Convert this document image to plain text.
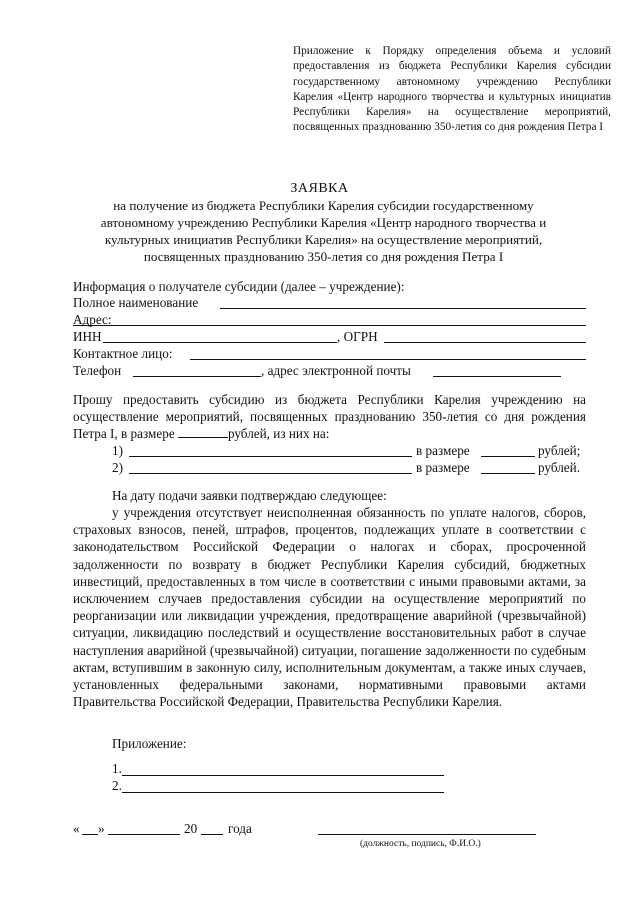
Приложение к Порядку определения объема и условий предоставления из бюджета Республики Карелия субсидии государственному автономному учреждению Республики Карелия «Центр народного творчества и культурных инициатив Республики Карелия» на осуществление мероприятий, посвященных празднованию 350-летия со дня рождения Петра I
ЗАЯВКА
на получение из бюджета Республики Карелия субсидии государственному автономному учреждению Республики Карелия «Центр народного творчества и культурных инициатив Республики Карелия» на осуществление мероприятий, посвященных празднованию 350-летия со дня рождения Петра I
Информация о получателе субсидии (далее – учреждение):
Полное наименование
Адрес:
ИНН	, ОГРН
Контактное лицо:
Телефон	, адрес электронной почты
Прошу предоставить субсидию из бюджета Республики Карелия учреждению на осуществление мероприятий, посвященных празднованию 350-летия со дня рождения Петра I, в размере	рублей, из них на:
1)	в размере	рублей;
2)	в размере	рублей.
На дату подачи заявки подтверждаю следующее:
у учреждения отсутствует неисполненная обязанность по уплате налогов, сборов, страховых взносов, пеней, штрафов, процентов, подлежащих уплате в соответствии с законодательством Российской Федерации о налогах и сборах, просроченной задолженности по возврату в бюджет Республики Карелия субсидий, бюджетных инвестиций, предоставленных в том числе в соответствии с иными правовыми актами, за исключением случаев предоставления субсидии на осуществление мероприятий по реорганизации или ликвидации учреждения, предотвращение аварийной (чрезвычайной) ситуации, ликвидацию последствий и осуществление восстановительных работ в случае наступления аварийной (чрезвычайной) ситуации, погашение задолженности по судебным актам, вступившим в законную силу, исполнительным документам, а также иных случаев, установленных федеральными законами, нормативными правовыми актами Правительства Российской Федерации, Правительства Республики Карелия.
Приложение:
1.
2.
« »	20 года
(должность, подпись, Ф.И.О.)
